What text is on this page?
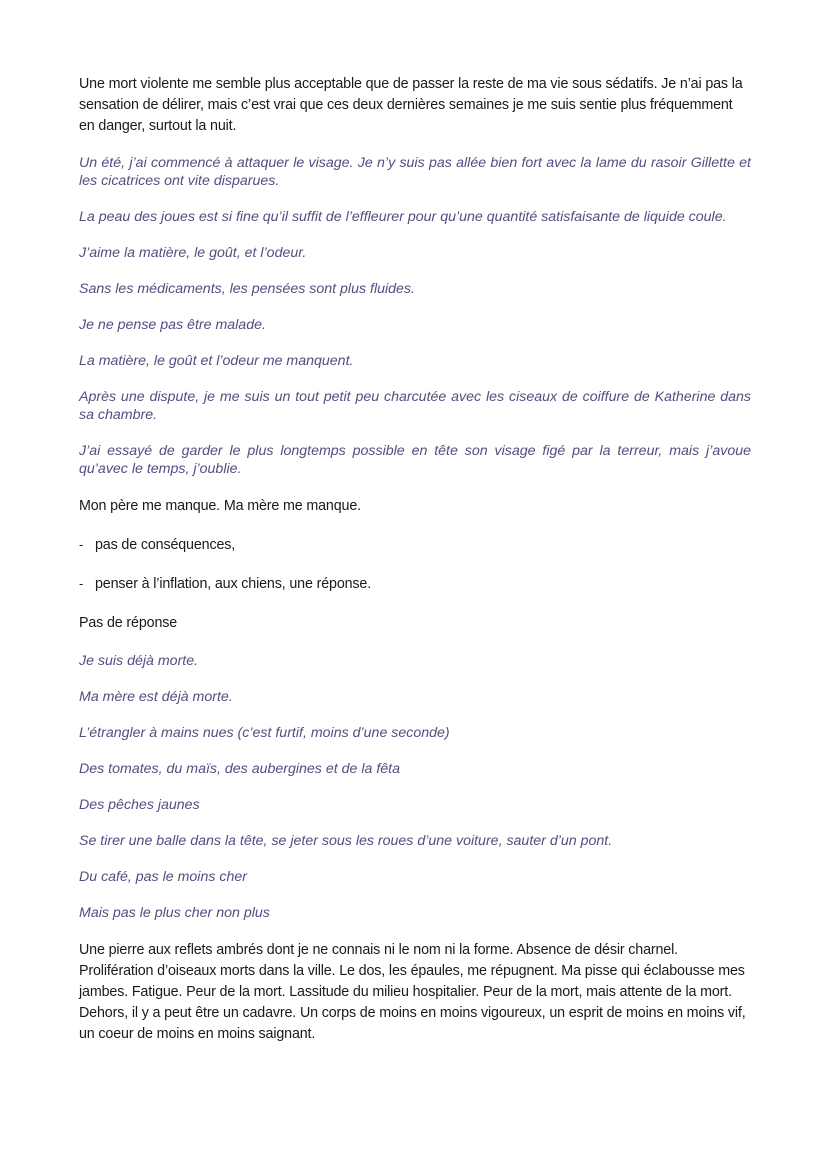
Une mort violente me semble plus acceptable que de passer la reste de ma vie sous sédatifs. Je n’ai pas la sensation de délirer, mais c’est vrai que ces deux dernières semaines je me suis sentie plus fréquemment en danger, surtout la nuit.

Un été, j’ai commencé à attaquer le visage. Je n’y suis pas allée bien fort avec la lame du rasoir Gillette et les cicatrices ont vite disparues.

La peau des joues est si fine qu’il suffit de l’effleurer pour qu’une quantité satisfaisante de liquide coule.

J’aime la matière, le goût, et l’odeur.

Sans les médicaments, les pensées sont plus fluides.

Je ne pense pas être malade.

La matière, le goût et l’odeur me manquent.

Après une dispute, je me suis un tout petit peu charcutée avec les ciseaux de coiffure de Katherine dans sa chambre.

J’ai essayé de garder le plus longtemps possible en tête son visage figé par la terreur, mais j’avoue qu’avec le temps, j’oublie.

Mon père me manque. Ma mère me manque.

- pas de conséquences,
- penser à l’inflation, aux chiens, une réponse.

Pas de réponse

Je suis déjà morte.

Ma mère est déjà morte.

L’étrangler à mains nues (c’est furtif, moins d’une seconde)

Des tomates, du maïs, des aubergines et de la fêta

Des pêches jaunes

Se tirer une balle dans la tête, se jeter sous les roues d’une voiture, sauter d’un pont.

Du café, pas le moins cher

Mais pas le plus cher non plus

Une pierre aux reflets ambrés dont je ne connais ni le nom ni la forme. Absence de désir charnel. Prolifération d’oiseaux morts dans la ville. Le dos, les épaules, me répugnent. Ma pisse qui éclabousse mes jambes. Fatigue. Peur de la mort. Lassitude du milieu hospitalier. Peur de la mort, mais attente de la mort. Dehors, il y a peut être un cadavre. Un corps de moins en moins vigoureux, un esprit de moins en moins vif, un coeur de moins en moins saignant.
